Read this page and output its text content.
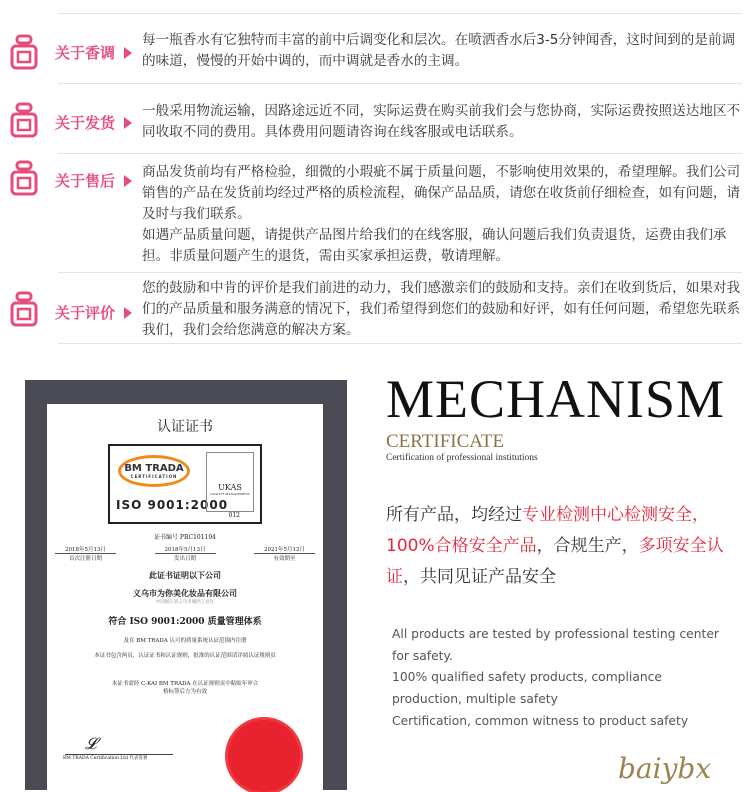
关于香调
每一瓶香水有它独特而丰富的前中后调变化和层次。在喷洒香水后3-5分钟闻香，这时间到的是前调的味道，慢慢的开始中调的，而中调就是香水的主调。
关于发货
一般采用物流运输，因路途远近不同，实际运费在购买前我们会与您协商，实际运费按照送达地区不同收取不同的费用。具体费用问题请咨询在线客服或电话联系。
关于售后 商品发货前均有严格检验，细微的小瑕疵不属于质量问题，不影响使用效果的，希望理解。我们公司销售的产品在发货前均经过严格的质检流程，确保产品品质，请您在收货前仔细检查，如有问题，请及时与我们联系。
如遇产品质量问题，请提供产品图片给我们的在线客服，确认问题后我们负责退货，运费由我们承担。非质量问题产生的退货，需由买家承担运费，敬请理解。
关于评价
您的鼓励和中肯的评价是我们前进的动力，我们感激亲们的鼓励和支持。亲们在收到货后，如果对我们的产品质量和服务满意的情况下，我们希望得到您们的鼓励和好评，如有任何问题，希望您先联系我们，我们会给您满意的解决方案。
认证证书
BM TRADA
CERTIFICATION
ISO 9001:2000
UKAS
QUALITY MANAGEMENT
012
证书编号 PRC101194
2018年5月13日
首次注册日期
2018年5月13日
发出日期
2021年5月12日
有效期至
此证书证明以下公司
义乌市为你美化妆品有限公司
中国浙江省义乌市城西工业区
符合 ISO 9001:2000 质量管理体系
及在 BM TRADA 认可的质量系统认证范围内注册
本证书包含两页，认证证书和认证规则，批准的认证范围请详阅认证规则页
本证书需经 C-KAI BM TRADA 在认证规则页中粘贴年审合格标签后方为有效
𝓛
BM TRADA Certification Ltd 代表签署
MECHANISM
CERTIFICATE
Certification of professional institutions
所有产品，均经过专业检测中心检测安全，100%合格安全产品，合规生产，多项安全认证，共同见证产品安全
All products are tested by professional testing center for safety.
100% qualified safety products, compliance production, multiple safety
Certification, common witness to product safety
baiybx
